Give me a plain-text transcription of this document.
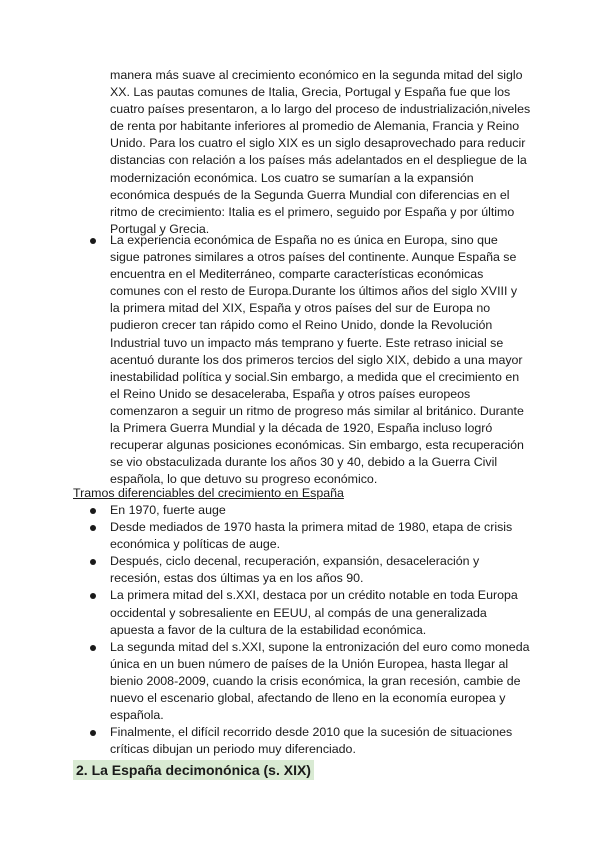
manera más suave al crecimiento económico en la segunda mitad del siglo XX. Las pautas comunes de Italia, Grecia, Portugal y España fue que los cuatro países presentaron, a lo largo del proceso de industrialización,niveles de renta por habitante inferiores al promedio de Alemania, Francia y Reino Unido. Para los cuatro el siglo XIX es un siglo desaprovechado para reducir distancias con relación a los países más adelantados en el despliegue de la modernización económica. Los cuatro se sumarían a la expansión económica después de la Segunda Guerra Mundial con diferencias en el ritmo de crecimiento: Italia es el primero, seguido por España y por último Portugal y Grecia.

La experiencia económica de España no es única en Europa, sino que sigue patrones similares a otros países del continente. Aunque España se encuentra en el Mediterráneo, comparte características económicas comunes con el resto de Europa.Durante los últimos años del siglo XVIII y la primera mitad del XIX, España y otros países del sur de Europa no pudieron crecer tan rápido como el Reino Unido, donde la Revolución Industrial tuvo un impacto más temprano y fuerte. Este retraso inicial se acentuó durante los dos primeros tercios del siglo XIX, debido a una mayor inestabilidad política y social.Sin embargo, a medida que el crecimiento en el Reino Unido se desaceleraba, España y otros países europeos comenzaron a seguir un ritmo de progreso más similar al británico. Durante la Primera Guerra Mundial y la década de 1920, España incluso logró recuperar algunas posiciones económicas. Sin embargo, esta recuperación se vio obstaculizada durante los años 30 y 40, debido a la Guerra Civil española, lo que detuvo su progreso económico.
Tramos diferenciables del crecimiento en España
En 1970, fuerte auge
Desde mediados de 1970 hasta la primera mitad de 1980, etapa de crisis económica y políticas de auge.
Después, ciclo decenal, recuperación, expansión, desaceleración y recesión, estas dos últimas ya en los años 90.
La primera mitad del s.XXI, destaca por un crédito notable en toda Europa occidental y sobresaliente en EEUU, al compás de una generalizada apuesta a favor de la cultura de la estabilidad económica.
La segunda mitad del s.XXI, supone la entronización del euro como moneda única en un buen número de países de la Unión Europea, hasta llegar al bienio 2008-2009, cuando la crisis económica, la gran recesión, cambie de nuevo el escenario global, afectando de lleno en la economía europea y española.
Finalmente, el difícil recorrido desde 2010 que la sucesión de situaciones críticas dibujan un periodo muy diferenciado.
2. La España decimonónica (s. XIX)
